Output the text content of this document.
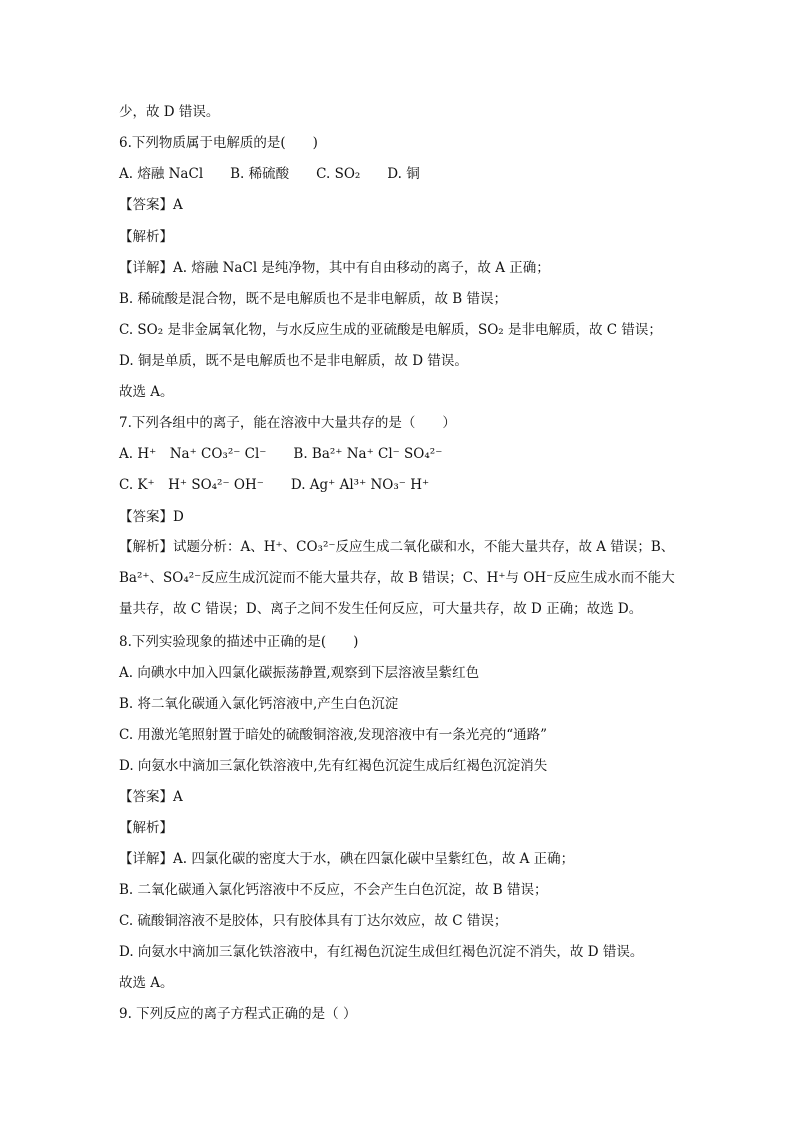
少，故 D 错误。
6.下列物质属于电解质的是(　　)
A. 熔融 NaCl　　B. 稀硫酸　　C. SO₂　　D. 铜
【答案】A
【解析】
【详解】A. 熔融 NaCl 是纯净物，其中有自由移动的离子，故 A 正确；
B. 稀硫酸是混合物，既不是电解质也不是非电解质，故 B 错误；
C. SO₂ 是非金属氧化物，与水反应生成的亚硫酸是电解质，SO₂ 是非电解质，故 C 错误；
D. 铜是单质，既不是电解质也不是非电解质，故 D 错误。
故选 A。
7.下列各组中的离子，能在溶液中大量共存的是（　　）
A. H⁺　Na⁺ CO₃²⁻ Cl⁻　　B. Ba²⁺ Na⁺ Cl⁻ SO₄²⁻
C. K⁺　H⁺ SO₄²⁻ OH⁻　　D. Ag⁺ Al³⁺ NO₃⁻ H⁺
【答案】D
【解析】试题分析：A、H⁺、CO₃²⁻反应生成二氧化碳和水，不能大量共存，故 A 错误；B、Ba²⁺、SO₄²⁻反应生成沉淀而不能大量共存，故 B 错误；C、H⁺与 OH⁻反应生成水而不能大量共存，故 C 错误；D、离子之间不发生任何反应，可大量共存，故 D 正确；故选 D。
8.下列实验现象的描述中正确的是(　　)
A. 向碘水中加入四氯化碳振荡静置,观察到下层溶液呈紫红色
B. 将二氧化碳通入氯化钙溶液中,产生白色沉淀
C. 用激光笔照射置于暗处的硫酸铜溶液,发现溶液中有一条光亮的“通路”
D. 向氨水中滴加三氯化铁溶液中,先有红褐色沉淀生成后红褐色沉淀消失
【答案】A
【解析】
【详解】A. 四氯化碳的密度大于水，碘在四氯化碳中呈紫红色，故 A 正确；
B. 二氧化碳通入氯化钙溶液中不反应，不会产生白色沉淀，故 B 错误；
C. 硫酸铜溶液不是胶体，只有胶体具有丁达尔效应，故 C 错误；
D. 向氨水中滴加三氯化铁溶液中，有红褐色沉淀生成但红褐色沉淀不消失，故 D 错误。
故选 A。
9. 下列反应的离子方程式正确的是（ ）
